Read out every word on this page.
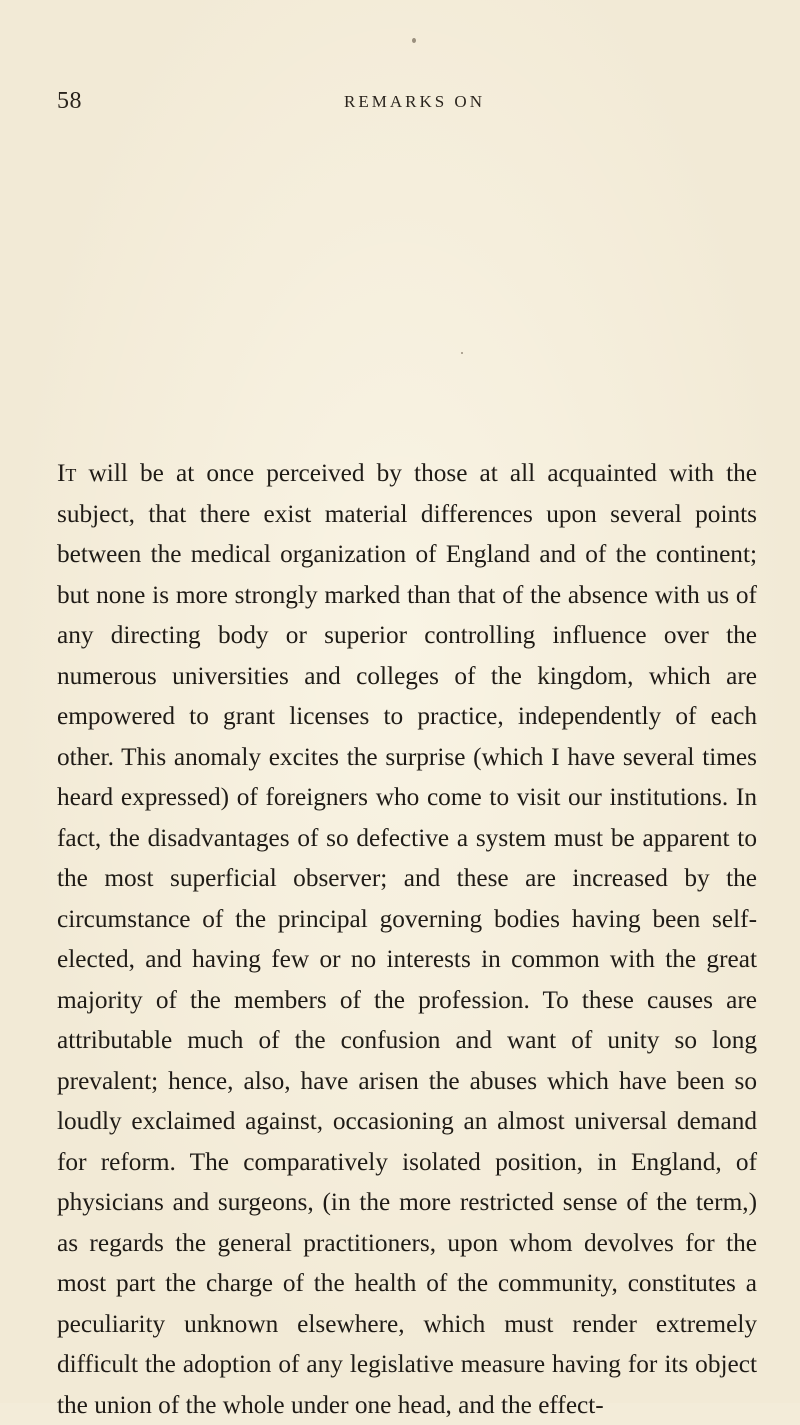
58	REMARKS ON

It will be at once perceived by those at all acquainted with the subject, that there exist material differences upon several points between the medical organization of England and of the continent; but none is more strongly marked than that of the absence with us of any directing body or superior controlling influence over the numerous universities and colleges of the kingdom, which are empowered to grant licenses to practice, independently of each other. This anomaly excites the surprise (which I have several times heard expressed) of foreigners who come to visit our institutions. In fact, the disadvantages of so defective a system must be apparent to the most superficial observer; and these are increased by the circumstance of the principal governing bodies having been self-elected, and having few or no interests in common with the great majority of the members of the profession. To these causes are attributable much of the confusion and want of unity so long prevalent; hence, also, have arisen the abuses which have been so loudly exclaimed against, occasioning an almost universal demand for reform. The comparatively isolated position, in England, of physicians and surgeons, (in the more restricted sense of the term,) as regards the general practitioners, upon whom devolves for the most part the charge of the health of the community, constitutes a peculiarity unknown elsewhere, which must render extremely difficult the adoption of any legislative measure having for its object the union of the whole under one head, and the effect-
